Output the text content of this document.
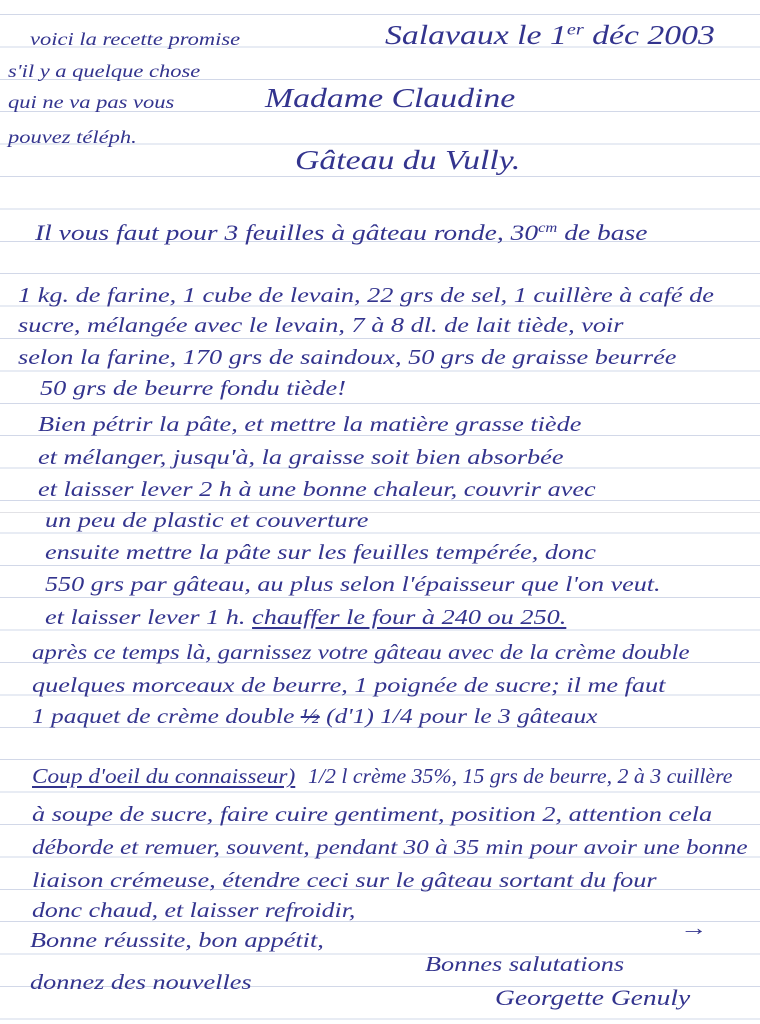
voici la recette promise
s'il y a quelque chose
qui ne va pas vous
pouvez téléph.
Salavaux le 1er déc 2003
Madame Claudine
Gâteau du Vully.
Il vous faut pour 3 feuilles à gâteau ronde, $30^{cm}$ de base
1 kg. de farine, 1 cube de levain, 22 grs de sel, 1 cuillère à café de
sucre, mélangée avec le levain, 7 à 8 dl. de lait tiède, voir
selon la farine, 170 grs de saindoux, 50 grs de graisse beurrée
50 grs de beurre fondu tiède!
Bien pétrir la pâte, et mettre la matière grasse tiède
et mélanger, jusqu'à, la graisse soit bien absorbée
et laisser lever 2 h à une bonne chaleur, couvrir avec
un peu de plastic et couverture
ensuite mettre la pâte sur les feuilles tempérée, donc
550 grs par gâteau, au plus selon l'épaisseur que l'on veut.
et laisser lever 1 h. chauffer le four à 240 ou 250.
après ce temps là, garnissez votre gâteau avec de la crème double
quelques morceaux de beurre, 1 poignée de sucre; il me faut
1 paquet de crème double ½ (d'1) 1/4 pour le 3 gâteaux
Coup d'oeil du connaisseur) 1/2 l crème 35%, 15 grs de beurre, 2 à 3 cuillère
à soupe de sucre, faire cuire gentiment, position 2, attention cela
déborde et remuer, souvent, pendant 30 à 35 min pour avoir une bonne
liaison crémeuse, étendre ceci sur le gâteau sortant du four
donc chaud, et laisser refroidir,
Bonne réussite, bon appétit,	→
donnez des nouvelles
Bonnes salutations
Georgette Genuly
